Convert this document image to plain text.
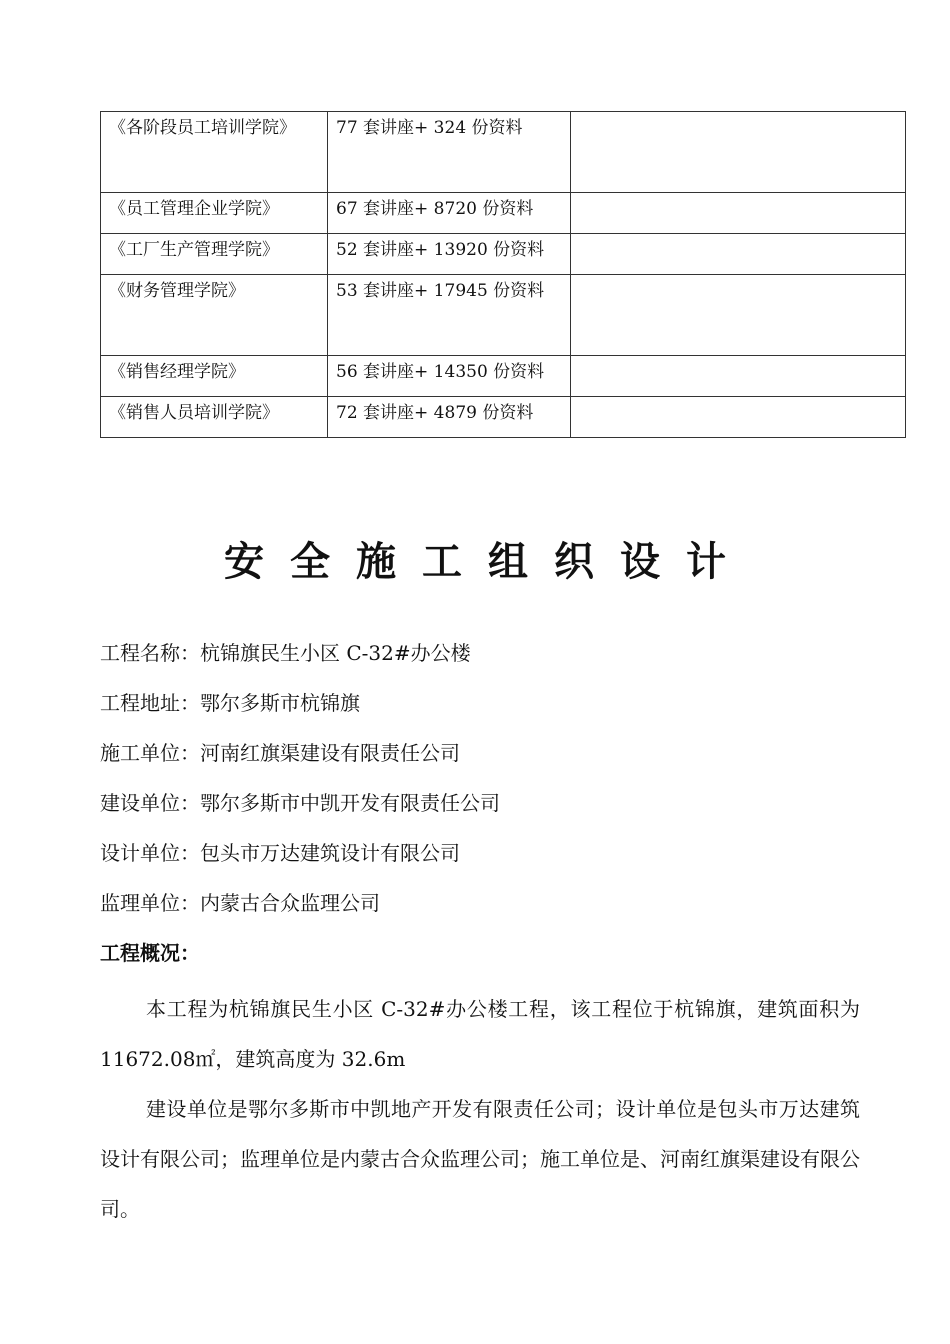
《各阶段员工培训学院》	77 套讲座+ 324 份资料	

《员工管理企业学院》	67 套讲座+ 8720 份资料	

《工厂生产管理学院》	52 套讲座+ 13920 份资料	

《财务管理学院》	53 套讲座+ 17945 份资料	

《销售经理学院》	56 套讲座+ 14350 份资料	

《销售人员培训学院》	72 套讲座+ 4879 份资料	

安全施工组织设计
工程名称：杭锦旗民生小区 C-32#办公楼
工程地址：鄂尔多斯市杭锦旗
施工单位：河南红旗渠建设有限责任公司
建设单位：鄂尔多斯市中凯开发有限责任公司
设计单位：包头市万达建筑设计有限公司
监理单位：内蒙古合众监理公司
工程概况：

本工程为杭锦旗民生小区 C-32#办公楼工程，该工程位于杭锦旗，建筑面积为 11672.08㎡，建筑高度为 32.6m

建设单位是鄂尔多斯市中凯地产开发有限责任公司；设计单位是包头市万达建筑设计有限公司；监理单位是内蒙古合众监理公司；施工单位是、河南红旗渠建设有限公司。
